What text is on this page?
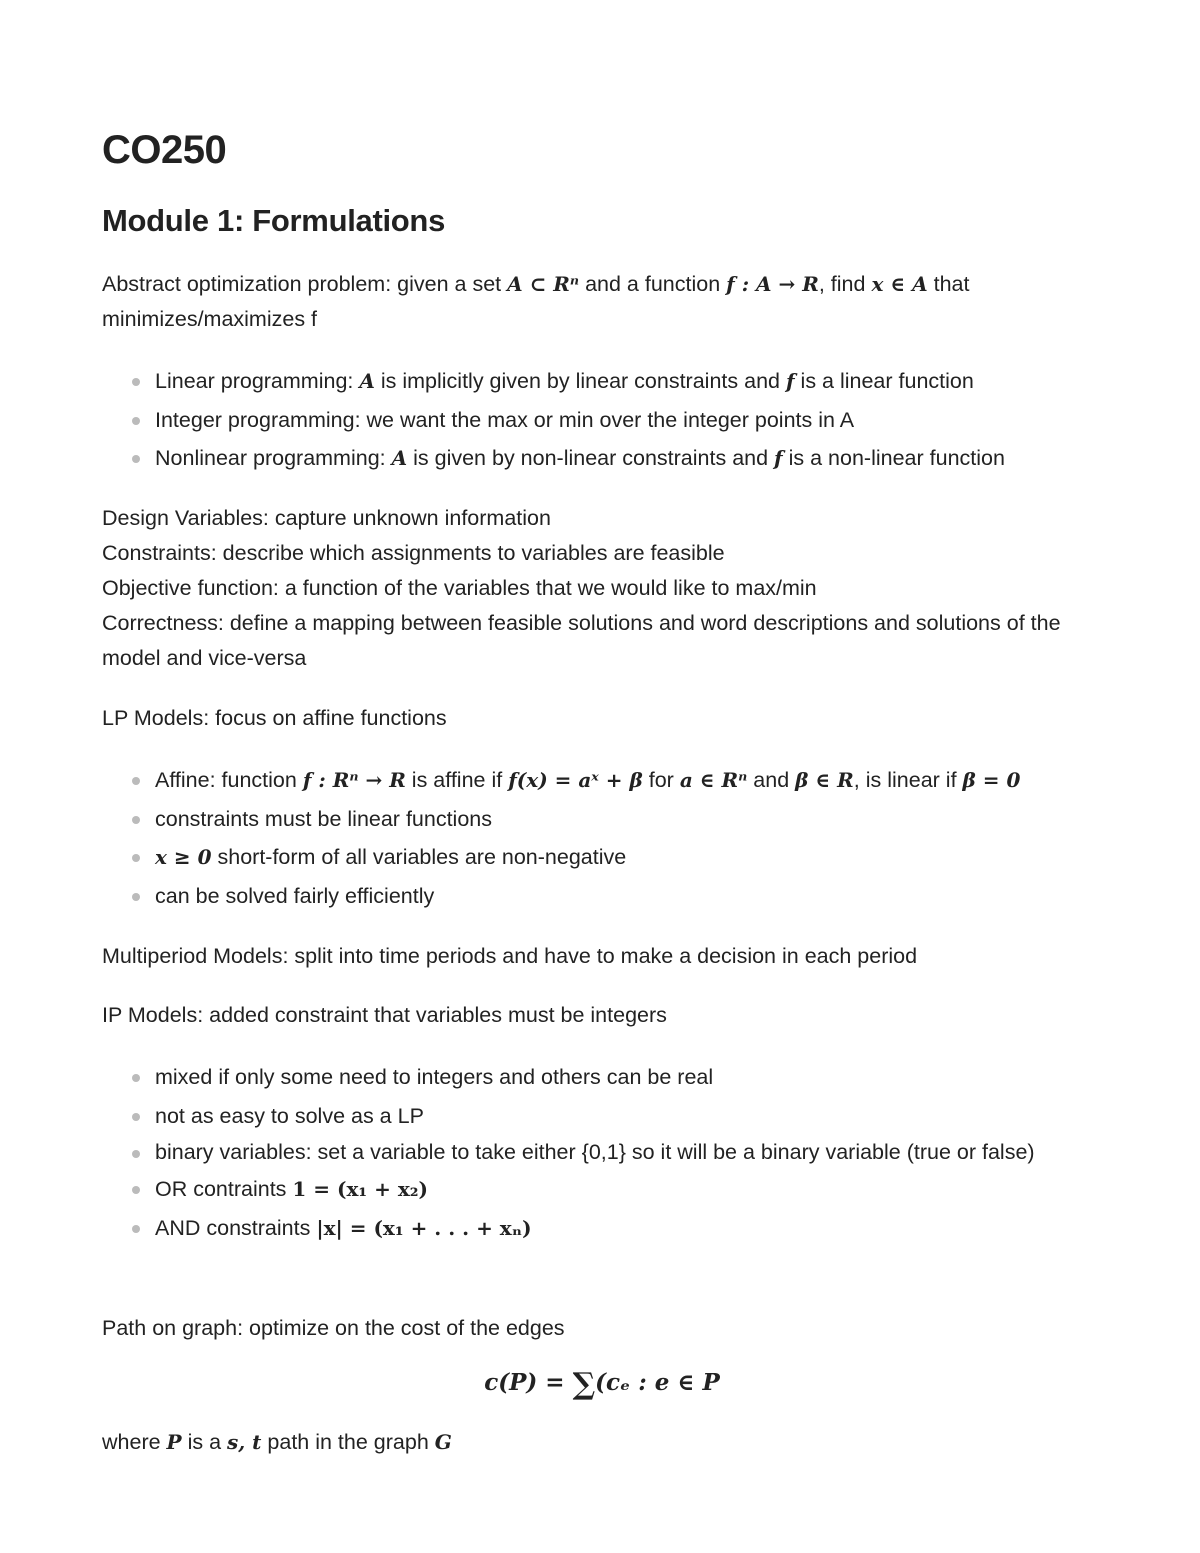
CO250
Module 1: Formulations

Abstract optimization problem: given a set A ⊂ Rⁿ and a function f : A → R, find x ∈ A that minimizes/maximizes f

Linear programming: A is implicitly given by linear constraints and f is a linear function
Integer programming: we want the max or min over the integer points in A
Nonlinear programming: A is given by non-linear constraints and f is a non-linear function
Design Variables: capture unknown information
Constraints: describe which assignments to variables are feasible
Objective function: a function of the variables that we would like to max/min
Correctness: define a mapping between feasible solutions and word descriptions and solutions of the model and vice-versa

LP Models: focus on affine functions

Affine: function f : Rⁿ → R is affine if f(x) = aˣ + β for a ∈ Rⁿ and β ∈ R, is linear if β = 0
constraints must be linear functions
x ≥ 0 short-form of all variables are non-negative
can be solved fairly efficiently

Multiperiod Models: split into time periods and have to make a decision in each period

IP Models: added constraint that variables must be integers

mixed if only some need to integers and others can be real
not as easy to solve as a LP
binary variables: set a variable to take either {0,1} so it will be a binary variable (true or false)
OR contraints 1 = (x₁ + x₂)
AND constraints |x| = (x₁ + . . . + xₙ)

Path on graph: optimize on the cost of the edges

c(P) = ∑(cₑ : e ∈ P

where P is a s, t path in the graph G
